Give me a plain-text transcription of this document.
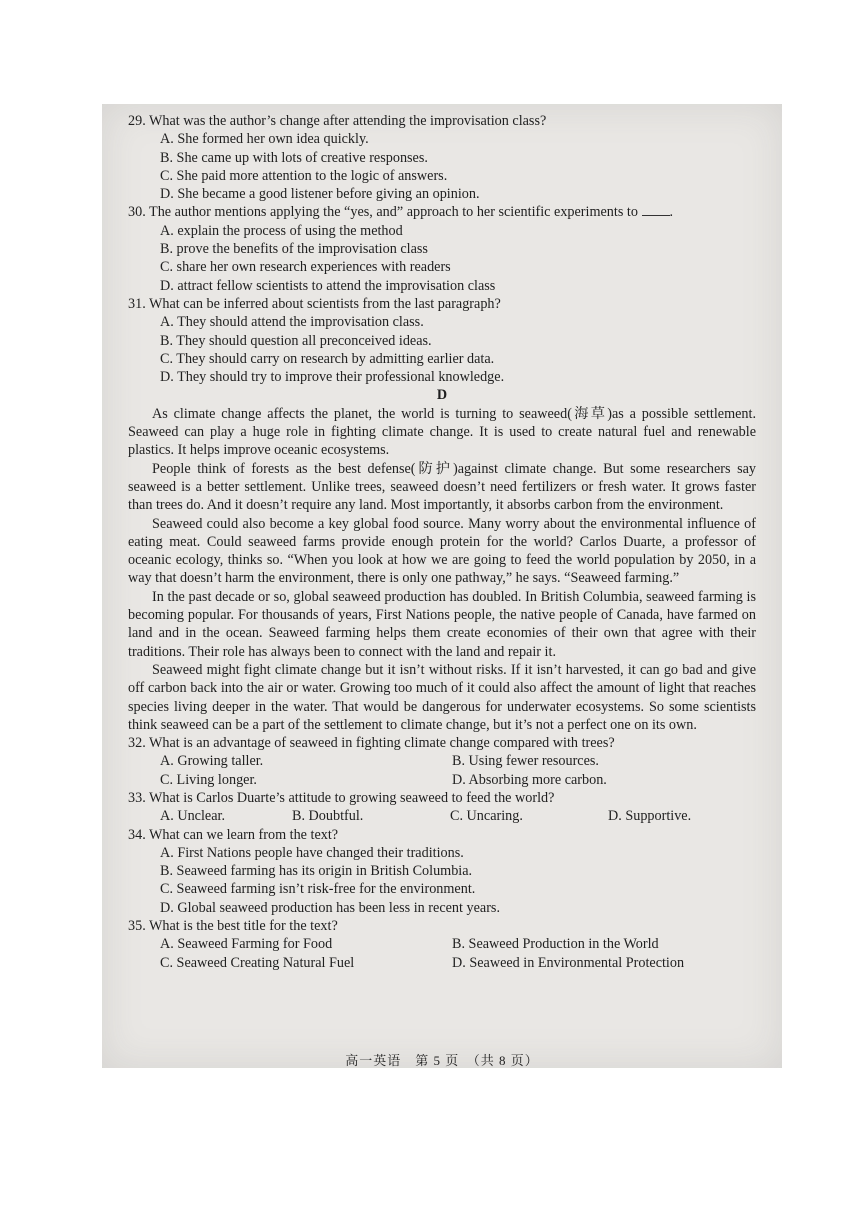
29. What was the author’s change after attending the improvisation class?

A. She formed her own idea quickly.

B. She came up with lots of creative responses.

C. She paid more attention to the logic of answers.

D. She became a good listener before giving an opinion.

30. The author mentions applying the “yes, and” approach to her scientific experiments to .

A. explain the process of using the method

B. prove the benefits of the improvisation class

C. share her own research experiences with readers

D. attract fellow scientists to attend the improvisation class

31. What can be inferred about scientists from the last paragraph?

A. They should attend the improvisation class.

B. They should question all preconceived ideas.

C. They should carry on research by admitting earlier data.

D. They should try to improve their professional knowledge.

D

As climate change affects the planet, the world is turning to seaweed(海草)as a possible settlement. Seaweed can play a huge role in fighting climate change. It is used to create natural fuel and renewable plastics. It helps improve oceanic ecosystems.

People think of forests as the best defense(防护)against climate change. But some researchers say seaweed is a better settlement. Unlike trees, seaweed doesn’t need fertilizers or fresh water. It grows faster than trees do. And it doesn’t require any land. Most importantly, it absorbs carbon from the environment.

Seaweed could also become a key global food source. Many worry about the environmental influence of eating meat. Could seaweed farms provide enough protein for the world? Carlos Duarte, a professor of oceanic ecology, thinks so. “When you look at how we are going to feed the world population by 2050, in a way that doesn’t harm the environment, there is only one pathway,” he says. “Seaweed farming.”

In the past decade or so, global seaweed production has doubled. In British Columbia, seaweed farming is becoming popular. For thousands of years, First Nations people, the native people of Canada, have farmed on land and in the ocean. Seaweed farming helps them create economies of their own that agree with their traditions. Their role has always been to connect with the land and repair it.

Seaweed might fight climate change but it isn’t without risks. If it isn’t harvested, it can go bad and give off carbon back into the air or water. Growing too much of it could also affect the amount of light that reaches species living deeper in the water. That would be dangerous for underwater ecosystems. So some scientists think seaweed can be a part of the settlement to climate change, but it’s not a perfect one on its own.

32. What is an advantage of seaweed in fighting climate change compared with trees?

A. Growing taller.	B. Using fewer resources.
C. Living longer.	D. Absorbing more carbon.

33. What is Carlos Duarte’s attitude to growing seaweed to feed the world?

A. Unclear.	B. Doubtful.	C. Uncaring.	D. Supportive.

34. What can we learn from the text?

A. First Nations people have changed their traditions.

B. Seaweed farming has its origin in British Columbia.

C. Seaweed farming isn’t risk-free for the environment.

D. Global seaweed production has been less in recent years.

35. What is the best title for the text?

A. Seaweed Farming for Food	B. Seaweed Production in the World
C. Seaweed Creating Natural Fuel	D. Seaweed in Environmental Protection
高一英语　第 5 页　（共 8 页）
